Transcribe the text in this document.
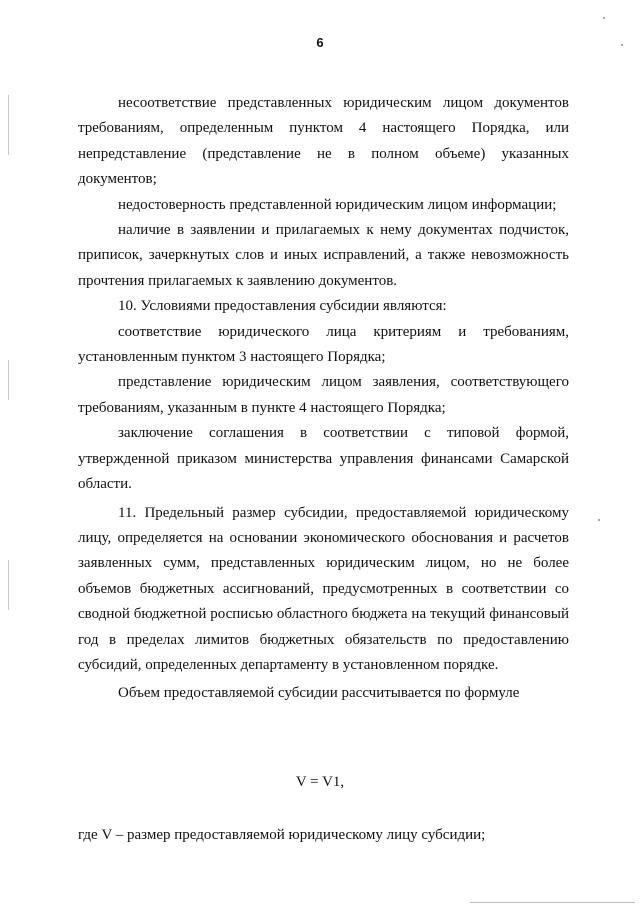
6

несоответствие представленных юридическим лицом документов требованиям, определенным пунктом 4 настоящего Порядка, или непредставление (представление не в полном объеме) указанных документов;

недостоверность представленной юридическим лицом информации;

наличие в заявлении и прилагаемых к нему документах подчисток, приписок, зачеркнутых слов и иных исправлений, а также невозможность прочтения прилагаемых к заявлению документов.

10. Условиями предоставления субсидии являются:

соответствие юридического лица критериям и требованиям, установленным пунктом 3 настоящего Порядка;

представление юридическим лицом заявления, соответствующего требованиям, указанным в пункте 4 настоящего Порядка;

заключение соглашения в соответствии с типовой формой, утвержденной приказом министерства управления финансами Самарской области.

11. Предельный размер субсидии, предоставляемой юридическому лицу, определяется на основании экономического обоснования и расчетов заявленных сумм, представленных юридическим лицом, но не более объемов бюджетных ассигнований, предусмотренных в соответствии со сводной бюджетной росписью областного бюджета на текущий финансовый год в пределах лимитов бюджетных обязательств по предоставлению субсидий, определенных департаменту в установленном порядке.

Объем предоставляемой субсидии рассчитывается по формуле

V = V1,
где V – размер предоставляемой юридическому лицу субсидии;
